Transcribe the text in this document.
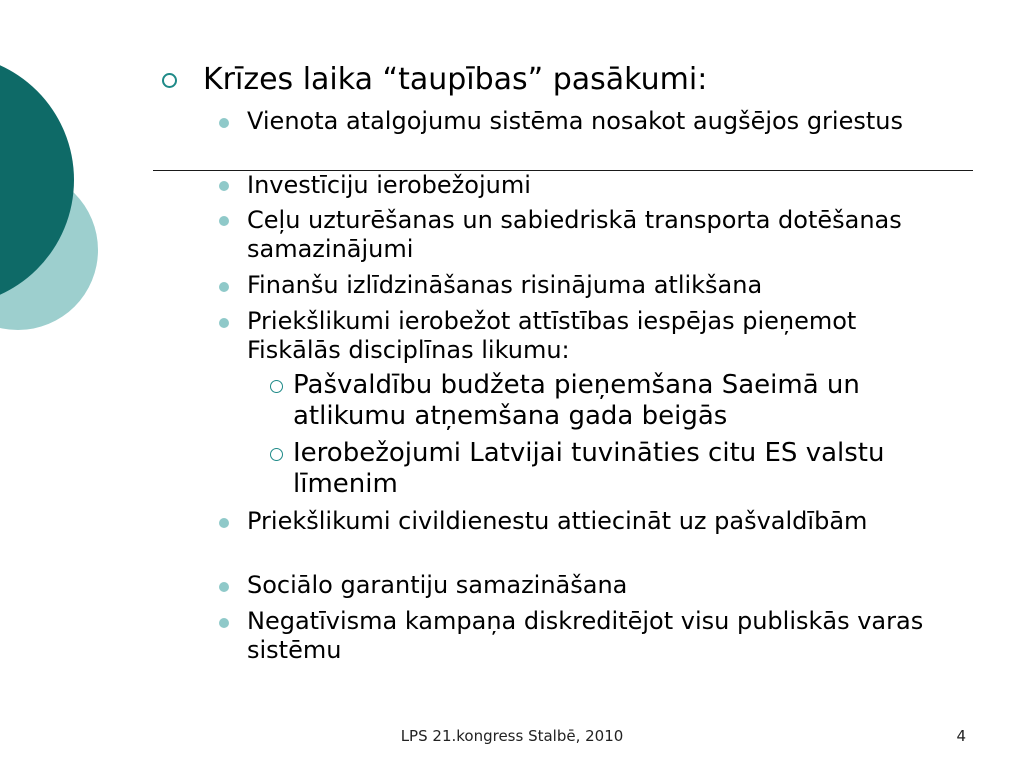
Krīzes laika “taupības” pasākumi:
Vienota atalgojumu sistēma nosakot augšējos griestus
Investīciju ierobežojumi
Ceļu uzturēšanas un sabiedriskā transporta dotēšanas samazinājumi
Finanšu izlīdzināšanas risinājuma atlikšana
Priekšlikumi ierobežot attīstības iespējas pieņemot Fiskālās disciplīnas likumu:
Pašvaldību budžeta pieņemšana Saeimā un atlikumu atņemšana gada beigās
Ierobežojumi Latvijai tuvināties citu ES valstu līmenim
Priekšlikumi civildienestu attiecināt uz pašvaldībām
Sociālo garantiju samazināšana
Negatīvisma kampaņa diskreditējot visu publiskās varas sistēmu
LPS 21.kongress Stalbē, 2010	4
